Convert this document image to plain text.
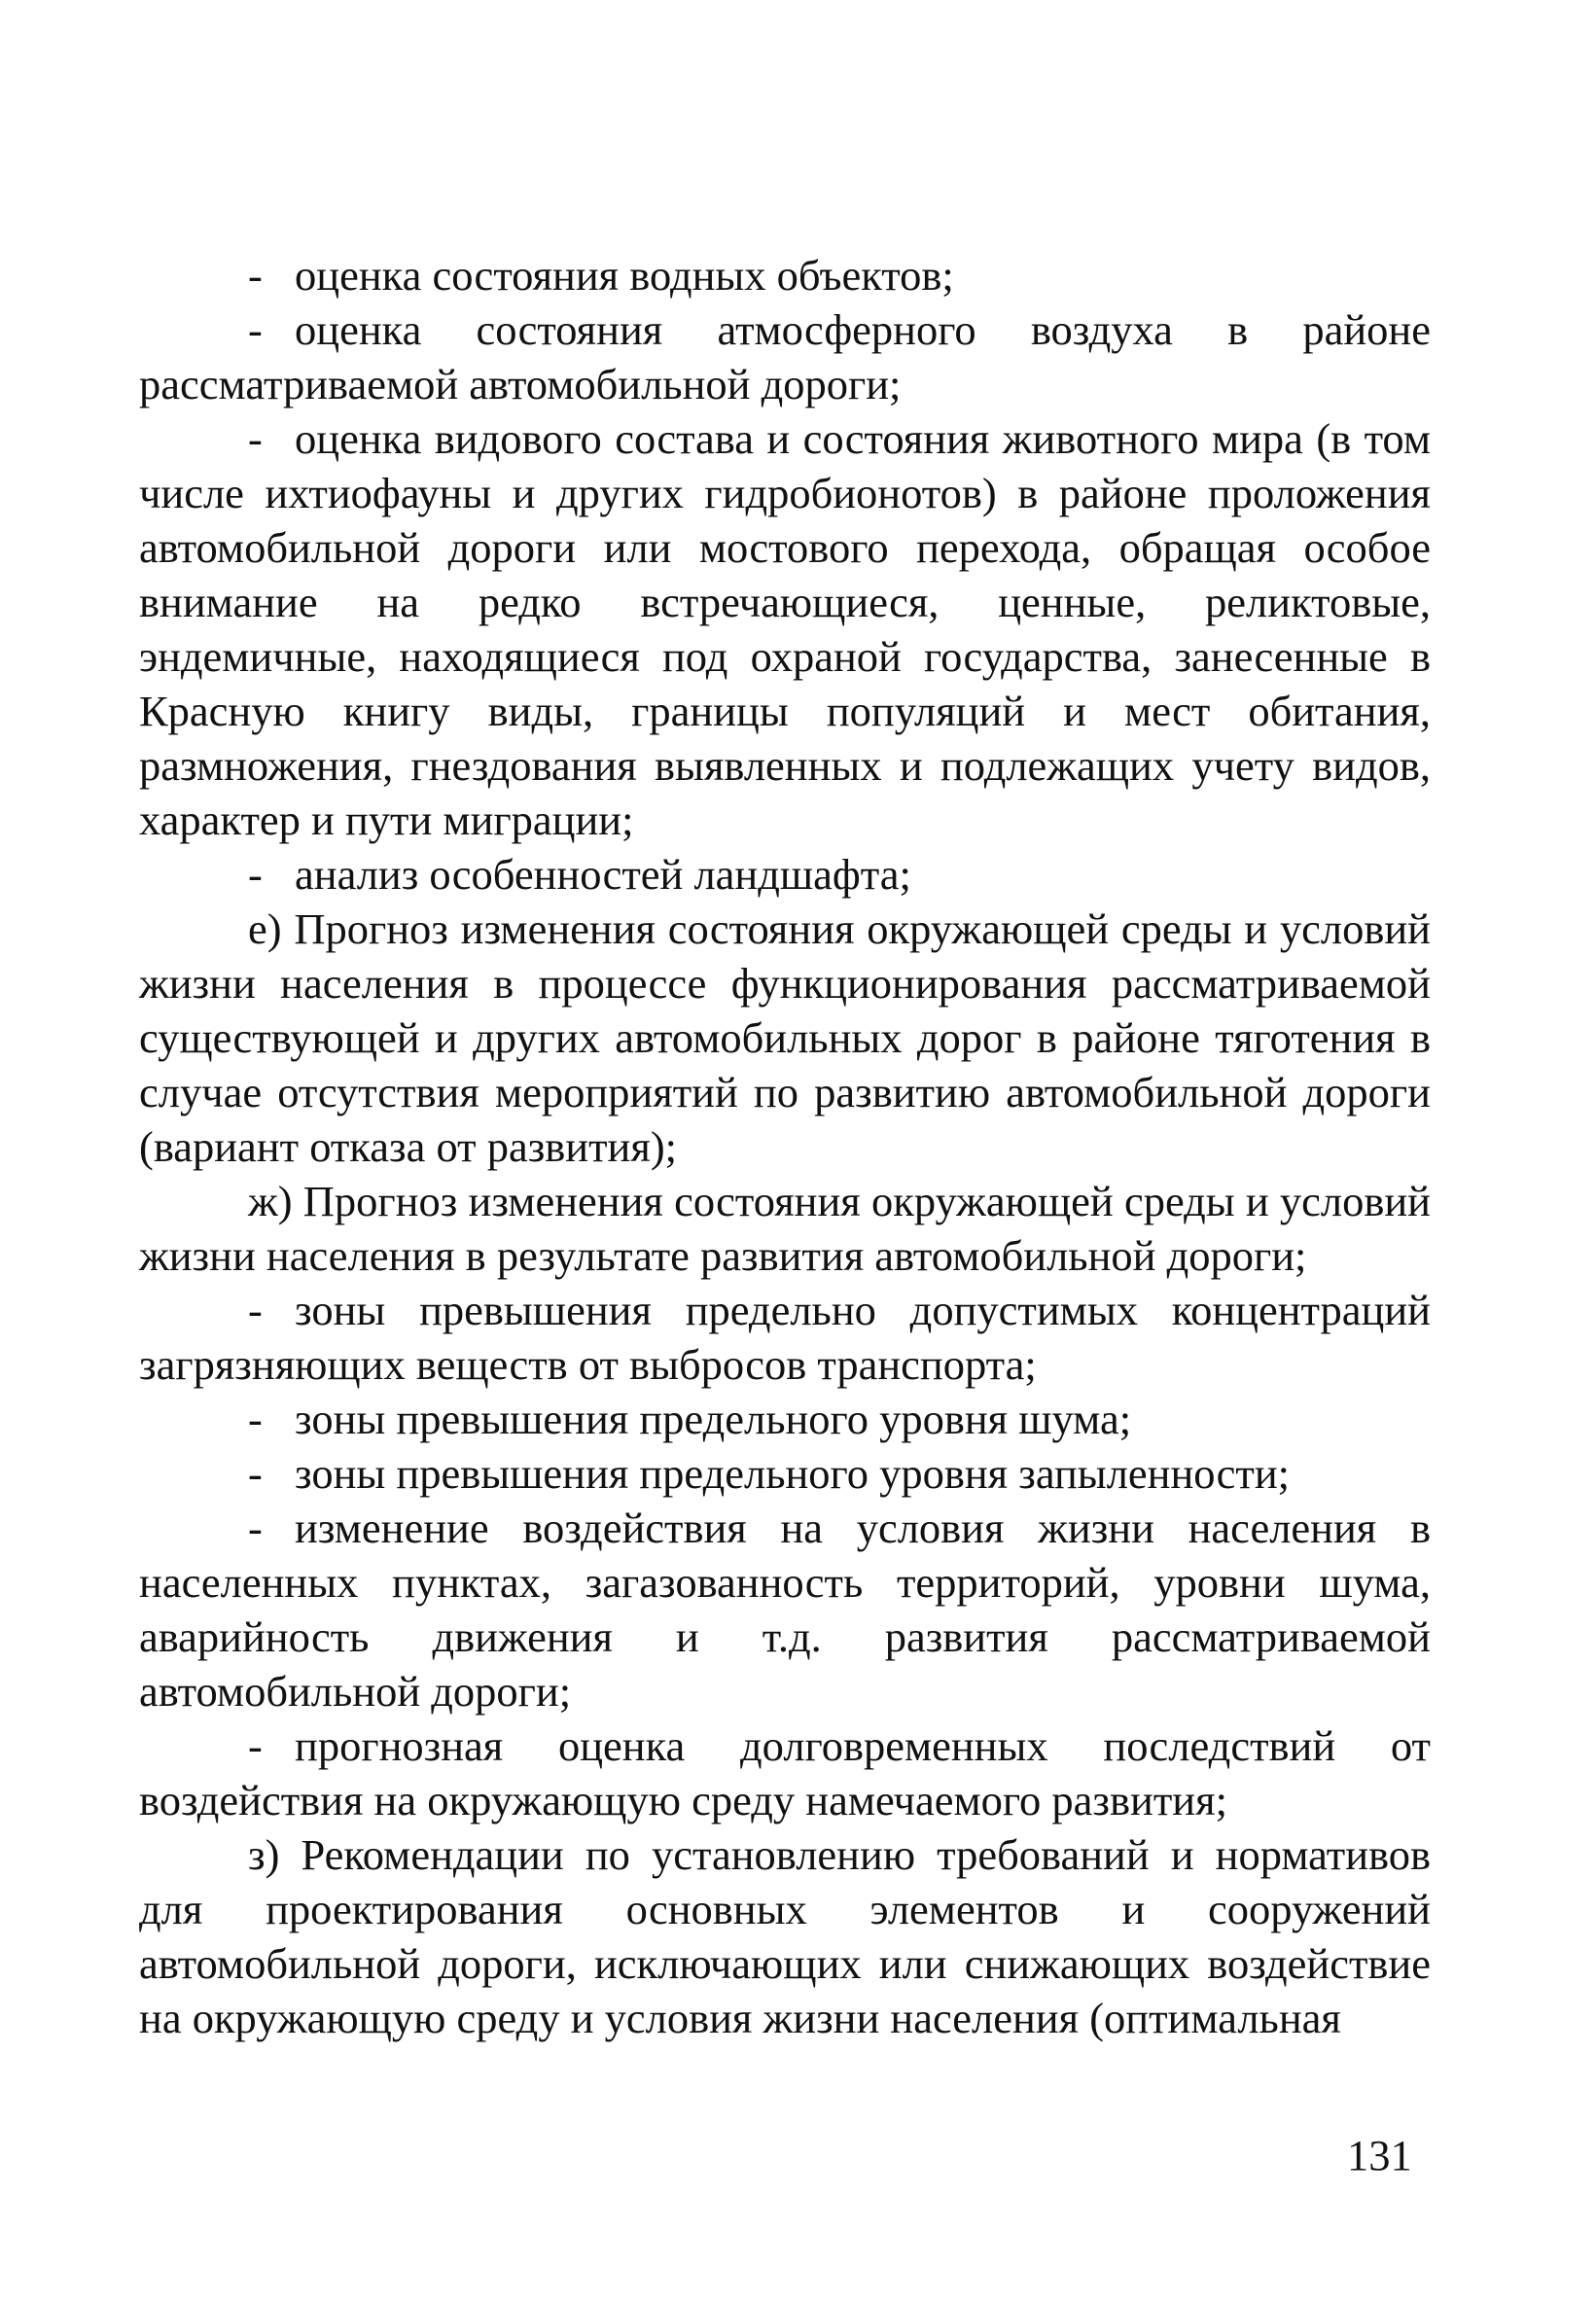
- оценка состояния водных объектов;

- оценка состояния атмосферного воздуха в районе рассматриваемой автомобильной дороги;

- оценка видового состава и состояния животного мира (в том числе ихтиофауны и других гидробионотов) в районе проложения автомобильной дороги или мостового перехода, обращая особое внимание на редко встречающиеся, ценные, реликтовые, эндемичные, находящиеся под охраной государства, занесенные в Красную книгу виды, границы популяций и мест обитания, размножения, гнездования выявленных и подлежащих учету видов, характер и пути миграции;

- анализ особенностей ландшафта;

е) Прогноз изменения состояния окружающей среды и условий жизни населения в процессе функционирования рассматриваемой существующей и других автомобильных дорог в районе тяготения в случае отсутствия мероприятий по развитию автомобильной дороги (вариант отказа от развития);

ж) Прогноз изменения состояния окружающей среды и условий жизни населения в результате развития автомобильной дороги;

- зоны превышения предельно допустимых концентраций загрязняющих веществ от выбросов транспорта;

- зоны превышения предельного уровня шума;

- зоны превышения предельного уровня запыленности;

- изменение воздействия на условия жизни населения в населенных пунктах, загазованность территорий, уровни шума, аварийность движения и т.д. развития рассматриваемой автомобильной дороги;

- прогнозная оценка долговременных последствий от воздействия на окружающую среду намечаемого развития;

з) Рекомендации по установлению требований и нормативов для проектирования основных элементов и сооружений автомобильной дороги, исключающих или снижающих воздействие на окружающую среду и условия жизни населения (оптимальная

131
